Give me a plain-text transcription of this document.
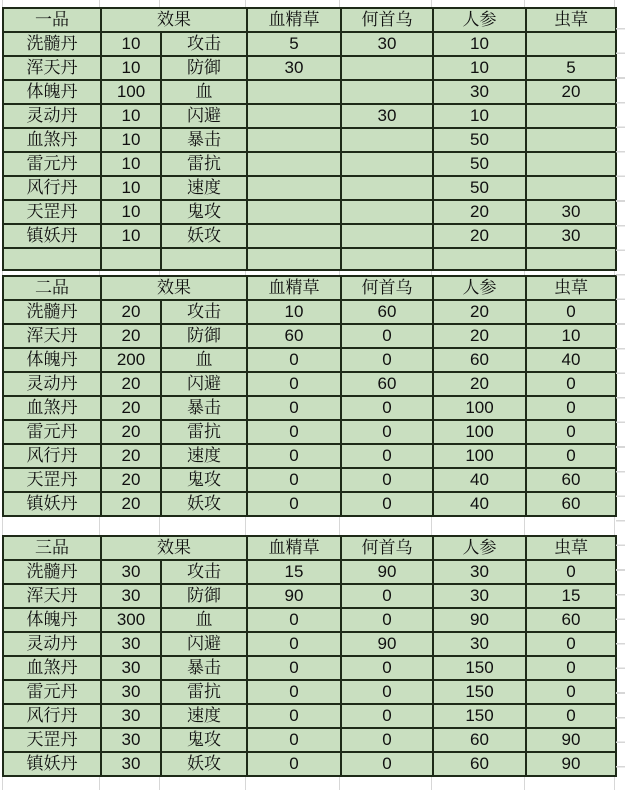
一品	效果		血精草	何首乌	人参	虫草
洗髓丹	10	攻击	5	30	10	
浑天丹	10	防御	30		10	5
体魄丹	100	血			30	20
灵动丹	10	闪避		30	10	
血煞丹	10	暴击			50	
雷元丹	10	雷抗			50	
风行丹	10	速度			50	
天罡丹	10	鬼攻			20	30
镇妖丹	10	妖攻			20	30

二品	效果		血精草	何首乌	人参	虫草
洗髓丹	20	攻击	10	60	20	0
浑天丹	20	防御	60	0	20	10
体魄丹	200	血	0	0	60	40
灵动丹	20	闪避	0	60	20	0
血煞丹	20	暴击	0	0	100	0
雷元丹	20	雷抗	0	0	100	0
风行丹	20	速度	0	0	100	0
天罡丹	20	鬼攻	0	0	40	60
镇妖丹	20	妖攻	0	0	40	60
三品	效果		血精草	何首乌	人参	虫草
洗髓丹	30	攻击	15	90	30	0
浑天丹	30	防御	90	0	30	15
体魄丹	300	血	0	0	90	60
灵动丹	30	闪避	0	90	30	0
血煞丹	30	暴击	0	0	150	0
雷元丹	30	雷抗	0	0	150	0
风行丹	30	速度	0	0	150	0
天罡丹	30	鬼攻	0	0	60	90
镇妖丹	30	妖攻	0	0	60	90
